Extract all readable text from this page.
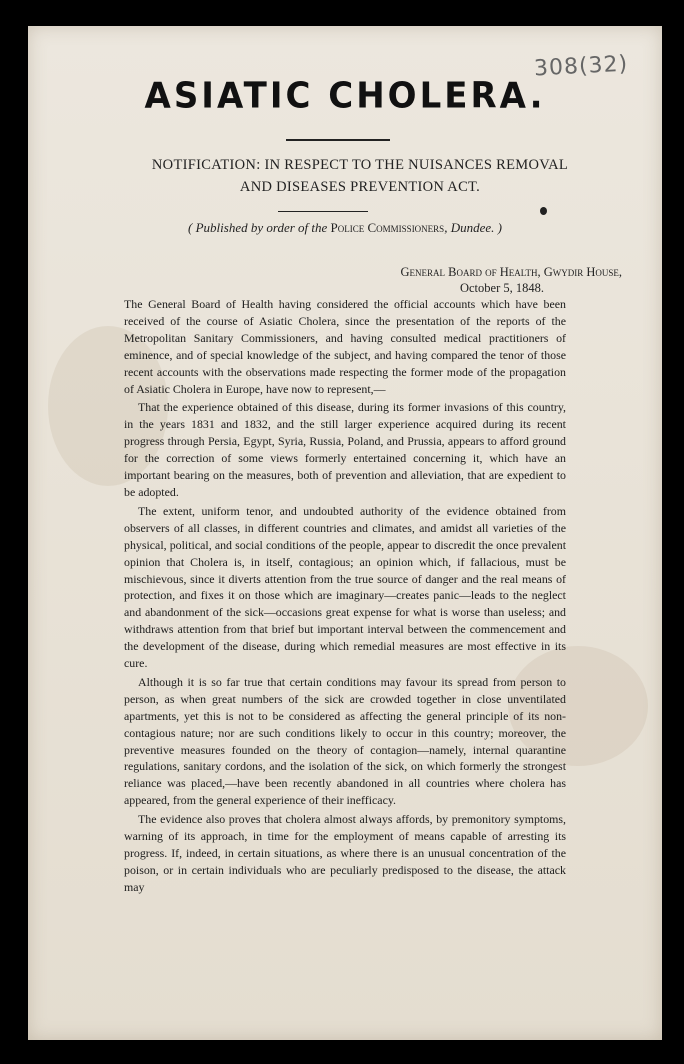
308(32)
ASIATIC CHOLERA.
NOTIFICATION: IN RESPECT TO THE NUISANCES REMOVAL
AND DISEASES PREVENTION ACT.
( Published by order of the Police Commissioners, Dundee. )
General Board of Health, Gwydir House,
October 5, 1848.

The General Board of Health having considered the official accounts which have been received of the course of Asiatic Cholera, since the presentation of the reports of the Metropolitan Sanitary Commissioners, and having consulted medical practitioners of eminence, and of special knowledge of the subject, and having compared the tenor of those recent accounts with the observations made respecting the former mode of the propagation of Asiatic Cholera in Europe, have now to represent,—

That the experience obtained of this disease, during its former invasions of this country, in the years 1831 and 1832, and the still larger experience acquired during its recent progress through Persia, Egypt, Syria, Russia, Poland, and Prussia, appears to afford ground for the correction of some views formerly entertained concerning it, which have an important bearing on the measures, both of prevention and alleviation, that are expedient to be adopted.

The extent, uniform tenor, and undoubted authority of the evidence obtained from observers of all classes, in different countries and climates, and amidst all varieties of the physical, political, and social conditions of the people, appear to discredit the once prevalent opinion that Cholera is, in itself, contagious; an opinion which, if fallacious, must be mischievous, since it diverts attention from the true source of danger and the real means of protection, and fixes it on those which are imaginary—creates panic—leads to the neglect and abandonment of the sick—occasions great expense for what is worse than useless; and withdraws attention from that brief but important interval between the commencement and the development of the disease, during which remedial measures are most effective in its cure.

Although it is so far true that certain conditions may favour its spread from person to person, as when great numbers of the sick are crowded together in close unventilated apartments, yet this is not to be considered as affecting the general principle of its non-contagious nature; nor are such conditions likely to occur in this country; moreover, the preventive measures founded on the theory of contagion—namely, internal quarantine regulations, sanitary cordons, and the isolation of the sick, on which formerly the strongest reliance was placed,—have been recently abandoned in all countries where cholera has appeared, from the general experience of their inefficacy.

The evidence also proves that cholera almost always affords, by premonitory symptoms, warning of its approach, in time for the employment of means capable of arresting its progress. If, indeed, in certain situations, as where there is an unusual concentration of the poison, or in certain individuals who are peculiarly predisposed to the disease, the attack may
